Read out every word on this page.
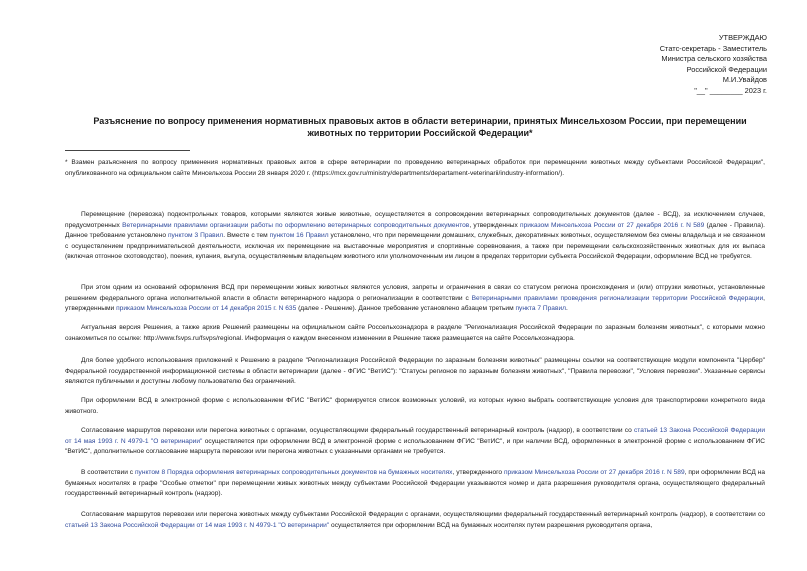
УТВЕРЖДАЮ
Статс-секретарь - Заместитель
Министра сельского хозяйства
Российской Федерации
М.И.Увайдов
"__" ________ 2023 г.
Разъяснение по вопросу применения нормативных правовых актов в области ветеринарии, принятых Минсельхозом России, при перемещении животных по территории Российской Федерации*
* Взамен разъяснения по вопросу применения нормативных правовых актов в сфере ветеринарии по проведению ветеринарных обработок при перемещении животных между субъектами Российской Федерации", опубликованного на официальном сайте Минсельхоза России 28 января 2020 г. (https://mcx.gov.ru/ministry/departments/departament-veterinarii/industry-information/).
Перемещение (перевозка) подконтрольных товаров, которыми являются живые животные, осуществляется в сопровождении ветеринарных сопроводительных документов (далее - ВСД), за исключением случаев, предусмотренных Ветеринарными правилами организации работы по оформлению ветеринарных сопроводительных документов, утвержденных приказом Минсельхоза России от 27 декабря 2016 г. N 589 (далее - Правила). Данное требование установлено пунктом 3 Правил. Вместе с тем пунктом 16 Правил установлено, что при перемещении домашних, служебных, декоративных животных, осуществляемом без смены владельца и не связанном с осуществлением предпринимательской деятельности, исключая их перемещение на выставочные мероприятия и спортивные соревнования, а также при перемещении сельскохозяйственных животных для их выпаса (включая отгонное скотоводство), поения, купания, выгула, осуществляемым владельцем животного или уполномоченным им лицом в пределах территории субъекта Российской Федерации, оформление ВСД не требуется.
При этом одним из оснований оформления ВСД при перемещении живых животных являются условия, запреты и ограничения в связи со статусом региона происхождения и (или) отгрузки животных, установленные решением федерального органа исполнительной власти в области ветеринарного надзора о регионализации в соответствии с Ветеринарными правилами проведения регионализации территории Российской Федерации, утвержденными приказом Минсельхоза России от 14 декабря 2015 г. N 635 (далее - Решение). Данное требование установлено абзацем третьим пункта 7 Правил.
Актуальная версия Решения, а также архив Решений размещены на официальном сайте Россельхознадзора в разделе "Регионализация Российской Федерации по заразным болезням животных", с которыми можно ознакомиться по ссылке: http://www.fsvps.ru/fsvps/regional. Информация о каждом внесенном изменении в Решение также размещается на сайте Россельхознадзора.
Для более удобного использования приложений к Решению в разделе "Регионализация Российской Федерации по заразным болезням животных" размещены ссылки на соответствующие модули компонента "Цербер" Федеральной государственной информационной системы в области ветеринарии (далее - ФГИС "ВетИС"): "Статусы регионов по заразным болезням животных", "Правила перевозки", "Условия перевозки". Указанные сервисы являются публичными и доступны любому пользователю без ограничений.
При оформлении ВСД в электронной форме с использованием ФГИС "ВетИС" формируется список возможных условий, из которых нужно выбрать соответствующие условия для транспортировки конкретного вида животного.
Согласование маршрутов перевозки или перегона животных с органами, осуществляющими федеральный государственный ветеринарный контроль (надзор), в соответствии со статьей 13 Закона Российской Федерации от 14 мая 1993 г. N 4979-1 "О ветеринарии" осуществляется при оформлении ВСД в электронной форме с использованием ФГИС "ВетИС", и при наличии ВСД, оформленных в электронной форме с использованием ФГИС "ВетИС", дополнительное согласование маршрута перевозки или перегона животных с указанными органами не требуется.
В соответствии с пунктом 8 Порядка оформления ветеринарных сопроводительных документов на бумажных носителях, утвержденного приказом Минсельхоза России от 27 декабря 2016 г. N 589, при оформлении ВСД на бумажных носителях в графе "Особые отметки" при перемещении живых животных между субъектами Российской Федерации указываются номер и дата разрешения руководителя органа, осуществляющего федеральный государственный ветеринарный контроль (надзор).
Согласование маршрутов перевозки или перегона животных между субъектами Российской Федерации с органами, осуществляющими федеральный государственный ветеринарный контроль (надзор), в соответствии со статьей 13 Закона Российской Федерации от 14 мая 1993 г. N 4979-1 "О ветеринарии" осуществляется при оформлении ВСД на бумажных носителях путем разрешения руководителя органа,
